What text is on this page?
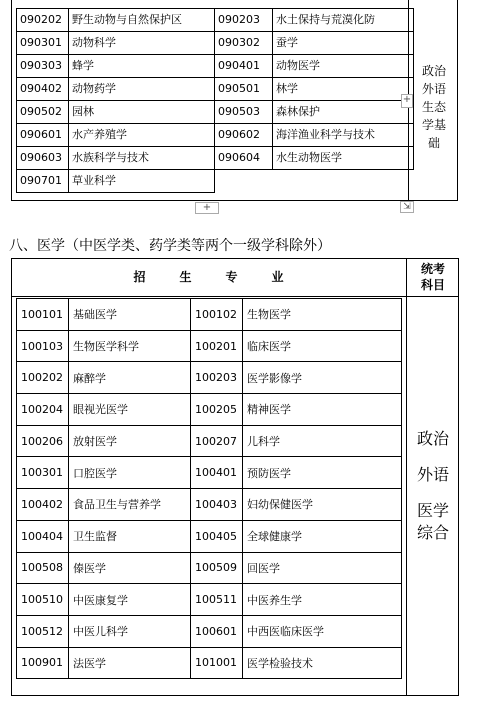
090202	野生动物与自然保护区	090203	水土保持与荒漠化防
090301	动物科学	090302	蚕学
090303	蜂学	090401	动物医学
090402	动物药学	090501	林学
090502	园林	090503	森林保护
090601	水产养殖学	090602	海洋渔业科学与技术
090603	水族科学与技术	090604	水生动物医学
090701	草业科学		
政治
外语
生态
学基
础
+
+	⇲
八、医学（中医学类、药学类等两个一级学科除外）
招生专业
统考
科目
100101	基础医学	100102	生物医学
100103	生物医学科学	100201	临床医学
100202	麻醉学	100203	医学影像学
100204	眼视光医学	100205	精神医学
100206	放射医学	100207	儿科学
100301	口腔医学	100401	预防医学
100402	食品卫生与营养学	100403	妇幼保健医学
100404	卫生监督	100405	全球健康学
100508	傣医学	100509	回医学
100510	中医康复学	100511	中医养生学
100512	中医儿科学	100601	中西医临床医学
100901	法医学	101001	医学检验技术
政治
外语
医学
综合
